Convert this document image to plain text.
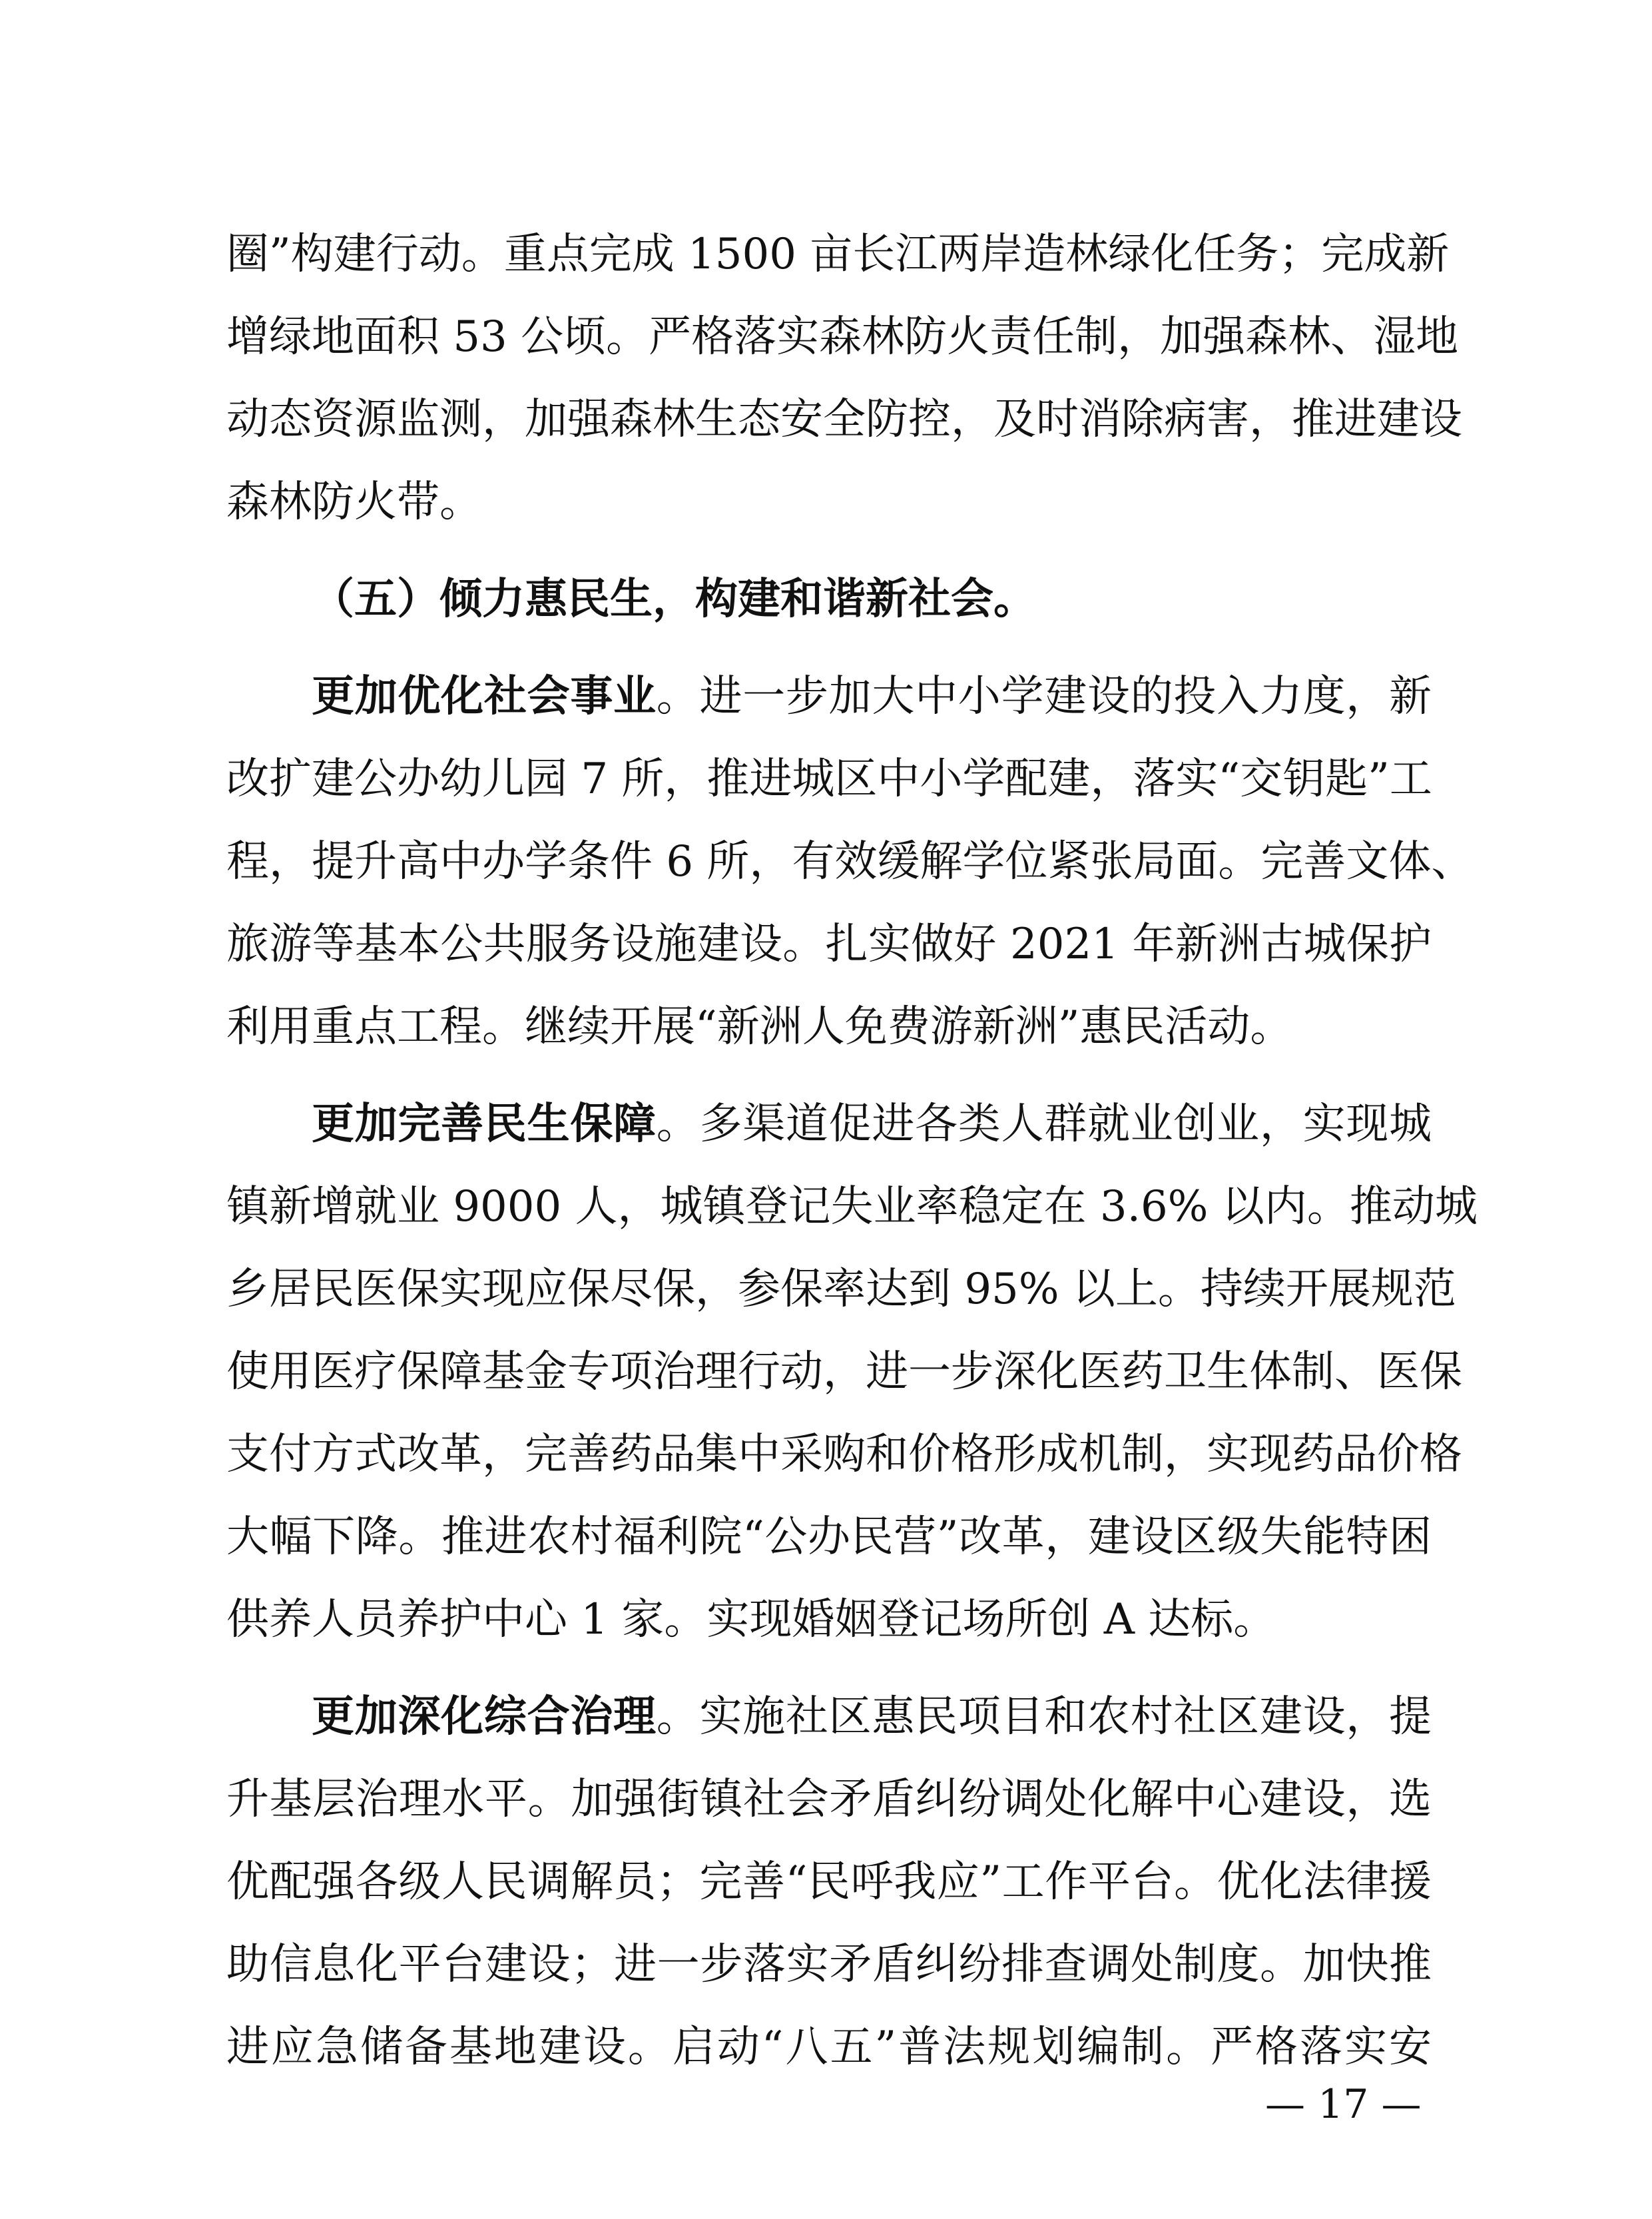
圈”构建行动。重点完成 1500 亩长江两岸造林绿化任务；完成新
增绿地面积 53 公顷。严格落实森林防火责任制，加强森林、湿地
动态资源监测，加强森林生态安全防控，及时消除病害，推进建设
森林防火带。
（五）倾力惠民生，构建和谐新社会。
更加优化社会事业。进一步加大中小学建设的投入力度，新
改扩建公办幼儿园 7 所，推进城区中小学配建，落实“交钥匙”工
程，提升高中办学条件 6 所，有效缓解学位紧张局面。完善文体、
旅游等基本公共服务设施建设。扎实做好 2021 年新洲古城保护
利用重点工程。继续开展“新洲人免费游新洲”惠民活动。
更加完善民生保障。多渠道促进各类人群就业创业，实现城
镇新增就业 9000 人，城镇登记失业率稳定在 3.6% 以内。推动城
乡居民医保实现应保尽保，参保率达到 95% 以上。持续开展规范
使用医疗保障基金专项治理行动，进一步深化医药卫生体制、医保
支付方式改革，完善药品集中采购和价格形成机制，实现药品价格
大幅下降。推进农村福利院“公办民营”改革，建设区级失能特困
供养人员养护中心 1 家。实现婚姻登记场所创 A 达标。
更加深化综合治理。实施社区惠民项目和农村社区建设，提
升基层治理水平。加强街镇社会矛盾纠纷调处化解中心建设，选
优配强各级人民调解员；完善“民呼我应”工作平台。优化法律援
助信息化平台建设；进一步落实矛盾纠纷排查调处制度。加快推
进应急储备基地建设。启动“八五”普法规划编制。严格落实安
— 17 —
